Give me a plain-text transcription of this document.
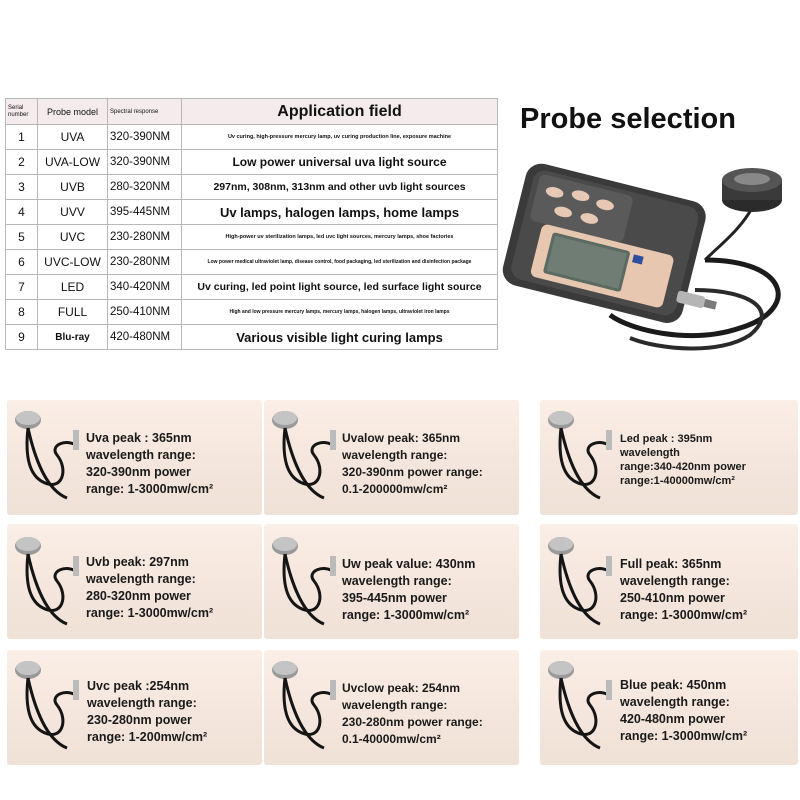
Serial number	Probe model	Spectral response	Application field
1	UVA	320-390NM	Uv curing, high-pressure mercury lamp, uv curing production line, exposure machine
2	UVA-LOW	320-390NM	Low power universal uva light source
3	UVB	280-320NM	297nm, 308nm, 313nm and other uvb light sources
4	UVV	395-445NM	Uv lamps, halogen lamps, home lamps
5	UVC	230-280NM	High-power uv sterilization lamps, led uvc light sources, mercury lamps, shoe factories
6	UVC-LOW	230-280NM	Low power medical ultraviolet lamp, disease control, food packaging, led sterilization and disinfection package
7	LED	340-420NM	Uv curing, led point light source, led surface light source
8	FULL	250-410NM	High and low pressure mercury lamps, mercury lamps, halogen lamps, ultraviolet iron lamps
9	Blu-ray	420-480NM	Various visible light curing lamps
Probe selection
Uva peak : 365nm
wavelength range:
320-390nm power
range: 1-3000mw/cm²
Uvalow peak: 365nm
wavelength range:
320-390nm power range:
0.1-200000mw/cm²
Led peak : 395nm
wavelength
range:340-420nm power
range:1-40000mw/cm²
Uvb peak: 297nm
wavelength range:
280-320nm power
range: 1-3000mw/cm²
Uw peak value: 430nm
wavelength range:
395-445nm power
range: 1-3000mw/cm²
Full peak: 365nm
wavelength range:
250-410nm power
range: 1-3000mw/cm²
Uvc peak :254nm
wavelength range:
230-280nm power
range: 1-200mw/cm²
Uvclow peak: 254nm
wavelength range:
230-280nm power range:
0.1-40000mw/cm²
Blue peak: 450nm
wavelength range:
420-480nm power
range: 1-3000mw/cm²
